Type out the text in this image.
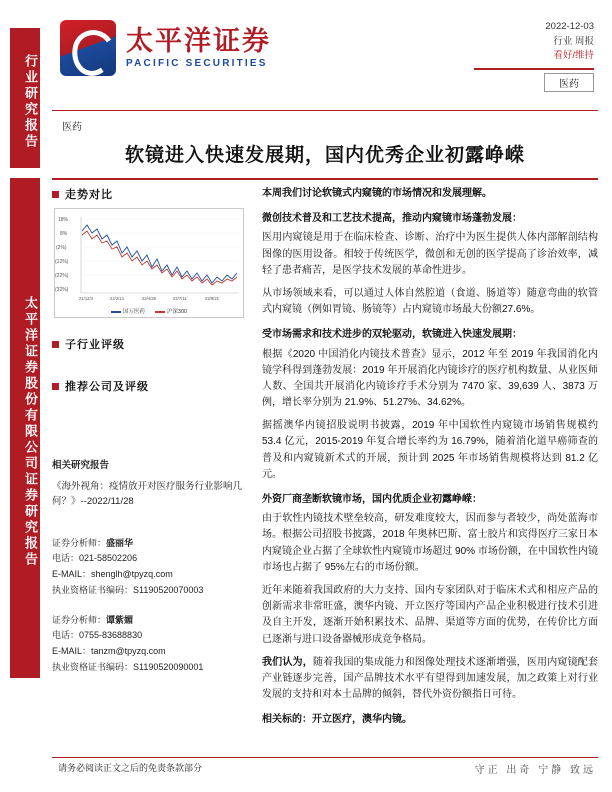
行业研究报告
太平洋证券股份有限公司证券研究报告
太平洋证券
PACIFIC SECURITIES
2022-12-03
行业 周报
看好/维持
医药
医药
软镜进入快速发展期，国内优秀企业初露峥嵘
走势对比
18%
8%
(2%)
(12%)
(22%)
(32%)
21/12/3	22/2/14	22/4/28	22/7/11	22/9/21
国万医药	沪深300
子行业评级
推荐公司及评级
相关研究报告
《海外视角：疫情放开对医疗服务行业影响几何？》--2022/11/28
证券分析师：盛丽华
电话：021-58502206
E-MAIL：shenglh@tpyzq.com
执业资格证书编码：S1190520070003
证券分析师：谭紫媚
电话：0755-83688830
E-MAIL：tanzm@tpyzq.com
执业资格证书编码：S1190520090001
本周我们讨论软镜式内窥镜的市场情况和发展理解。
微创技术普及和工艺技术提高，推动内窥镜市场蓬勃发展：

医用内窥镜是用于在临床检查、诊断、治疗中为医生提供人体内部解剖结构图像的医用设备。相较于传统医学，微创和无创的医学提高了诊治效率，减轻了患者痛苦，是医学技术发展的革命性进步。

从市场领域来看，可以通过人体自然腔道（食道、肠道等）随意弯曲的软管式内窥镜（例如胃镜、肠镜等）占内窥镜市场最大份额27.6%。

受市场需求和技术进步的双轮驱动，软镜进入快速发展期：

根据《2020 中国消化内镜技术普查》显示，2012 年至 2019 年我国消化内镜学科得到蓬勃发展：2019 年开展消化内镜诊疗的医疗机构数量、从业医师人数、全国共开展消化内镜诊疗手术分别为 7470 家、39,639 人、3873 万例，增长率分别为 21.9%、51.27%、34.62%。

据摇澳华内镜招股说明书披露，2019 年中国软性内窥镜市场销售规模约 53.4 亿元，2015-2019 年复合增长率约为 16.79%，随着消化道早癌筛查的普及和内窥镜新术式的开展，预计到 2025 年市场销售规模将达到 81.2 亿元。

外资厂商垄断软镜市场，国内优质企业初露峥嵘：

由于软性内镜技术壁垒较高，研发难度较大，因而参与者较少，尚处蓝海市场。根据公司招股书披露，2018 年奥林巴斯、富士胶片和宾得医疗三家日本内窥镜企业占据了全球软性内窥镜市场超过 90% 市场份额，在中国软性内镜市场也占据了 95%左右的市场份额。

近年来随着我国政府的大力支持、国内专家团队对于临床术式和相应产品的创新需求非常旺盛，澳华内镜、开立医疗等国内产品企业积极进行技术引进及自主开发，逐渐开始积累技术、品牌、渠道等方面的优势，在传价比方面已逐渐与进口设备器械形成竞争格局。

我们认为，随着我国的集成能力和图像处理技术逐渐增强，医用内窥镜配套产业链逐步完善，国产品牌技术水平有望得到加速发展，加之政策上对行业发展的支持和对本土品牌的倾斜，替代外资份额指日可待。

相关标的：开立医疗，澳华内镜。
请务必阅读正文之后的免责条款部分	守正 出奇 宁静 致远
